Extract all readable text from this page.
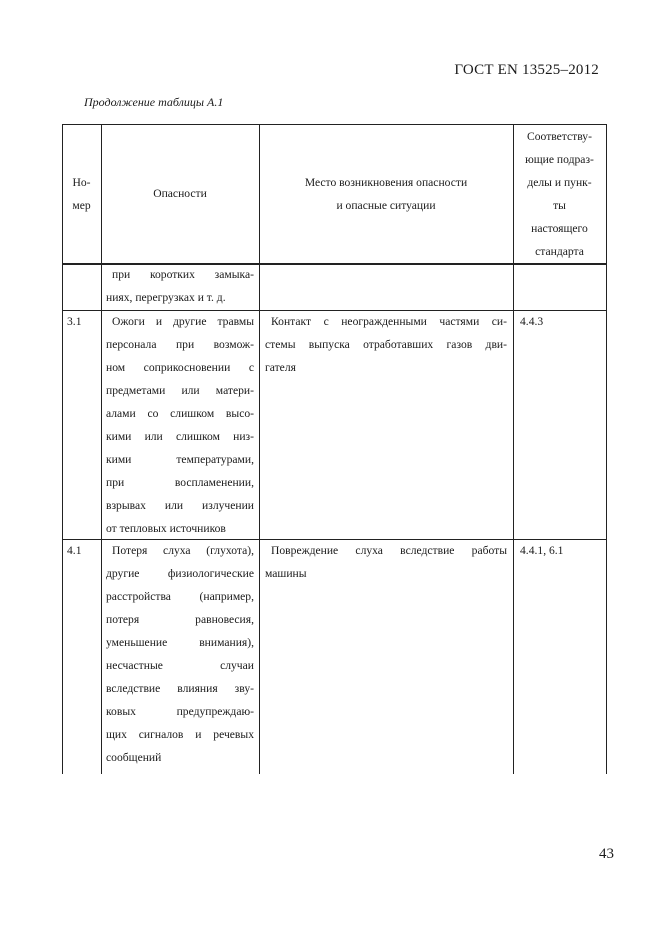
ГОСТ EN 13525–2012
Продолжение таблицы А.1
Но-
мер
Опасности
Место возникновения опасности
и опасные ситуации
Соответству-
ющие подраз-
делы и пунк-
ты
настоящего
стандарта
при коротких замыка-
ниях, перегрузках и т. д.
3.1	Ожоги и другие травмы
персонала при возмож-
ном соприкосновении с
предметами или матери-
алами со слишком высо-
кими или слишком низ-
кими температурами,
при воспламенении,
взрывах или излучении
от тепловых источников
Контакт с неогражденными частями си-
стемы выпуска отработавших газов дви-
гателя
4.4.3
4.1	Потеря слуха (глухота),
другие физиологические
расстройства (например,
потеря равновесия,
уменьшение внимания),
несчастные случаи
вследствие влияния зву-
ковых предупреждаю-
щих сигналов и речевых
сообщений
Повреждение слуха вследствие работы
машины
4.4.1, 6.1
43
